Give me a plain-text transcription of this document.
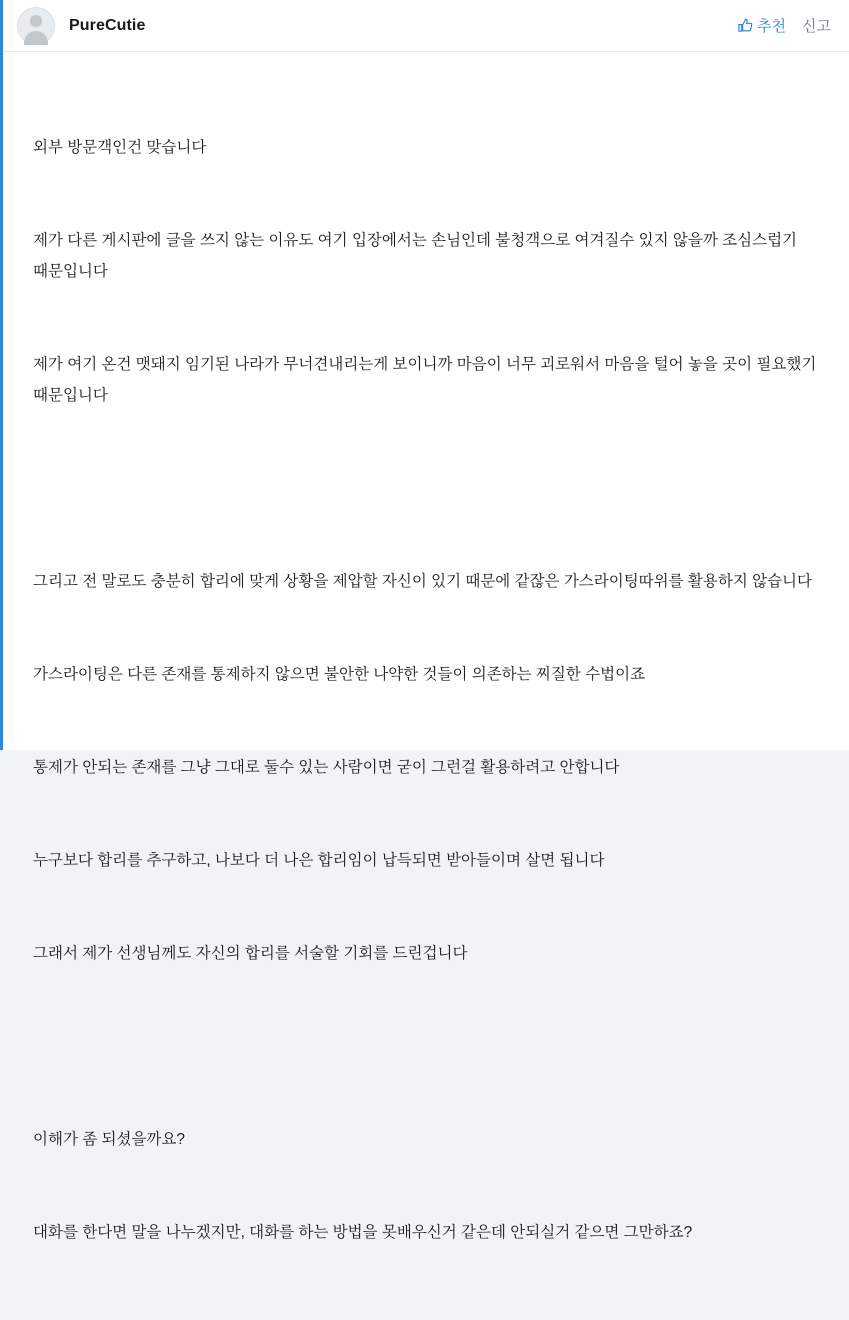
PureCutie	추천 신고

외부 방문객인건 맞습니다

제가 다른 게시판에 글을 쓰지 않는 이유도 여기 입장에서는 손님인데 불청객으로 여겨질수 있지 않을까 조심스럽기 때문입니다

제가 여기 온건 맷돼지 임기된 나라가 무너견내리는게 보이니까 마음이 너무 괴로워서 마음을 털어 놓을 곳이 필요했기 때문입니다

그리고 전 말로도 충분히 합리에 맞게 상황을 제압할 자신이 있기 때문에 같잖은 가스라이팅따위를 활용하지 않습니다

가스라이팅은 다른 존재를 통제하지 않으면 불안한 나약한 것들이 의존하는 찌질한 수법이죠

통제가 안되는 존재를 그냥 그대로 둘수 있는 사람이면 굳이 그런걸 활용하려고 안합니다

누구보다 합리를 추구하고, 나보다 더 나은 합리임이 납득되면 받아들이며 살면 됩니다

그래서 제가 선생님께도 자신의 합리를 서술할 기회를 드린겁니다

이해가 좀 되셨을까요?

대화를 한다면 말을 나누겠지만, 대화를 하는 방법을 못배우신거 같은데 안되실거 같으면 그만하죠?
